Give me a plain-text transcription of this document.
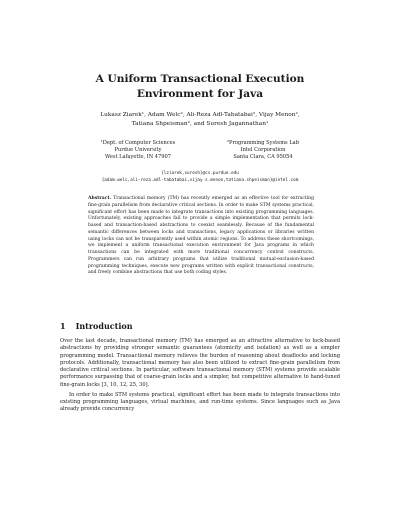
A Uniform Transactional Execution
Environment for Java
Lukasz Ziarek¹, Adam Welc², Ali-Reza Adl-Tabatabai², Vijay Menon²,
Tatiana Shpeisman², and Suresh Jagannathan¹
¹Dept. of Computer Sciences
Purdue University
West Lafayette, IN 47907
²Programming Systems Lab
Intel Corporation
Santa Clara, CA 95054
{lziarek,suresh}@cs.purdue.edu
{adam.welc,ali-reza.adl-tabatabai,vijay.s.menon,tatiana.shpeisman}@intel.com
Abstract. Transactional memory (TM) has recently emerged as an effective tool for extracting fine-grain parallelism from declarative critical sections. In order to make STM systems practical, significant effort has been made to integrate transactions into existing programming languages. Unfortunately, existing approaches fail to provide a simple implementation that permits lock-based and transaction-based abstractions to coexist seamlessly. Because of the fundamental semantic differences between locks and transactions, legacy applications or libraries written using locks can not be transparently used within atomic regions. To address these shortcomings, we implement a uniform transactional execution environment for Java programs in which transactions can be integrated with more traditional concurrency control constructs. Programmers can run arbitrary programs that utilize traditional mutual-exclusion-based programming techniques, execute new programs written with explicit transactional constructs, and freely combine abstractions that use both coding styles.
1 Introduction

Over the last decade, transactional memory (TM) has emerged as an attractive alternative to lock-based abstractions by providing stronger semantic guarantees (atomicity and isolation) as well as a simpler programming model. Transactional memory relieves the burden of reasoning about deadlocks and locking protocols. Additionally, transactional memory has also been utilized to extract fine-grain parallelism from declarative critical sections. In particular, software transactional memory (STM) systems provide scalable performance surpassing that of coarse-grain locks and a simpler, but competitive alternative to hand-tuned fine-grain locks [3, 10, 12, 25, 30].

In order to make STM systems practical, significant effort has been made to integrate transactions into existing programming languages, virtual machines, and run-time systems. Since languages such as Java already provide concurrency
